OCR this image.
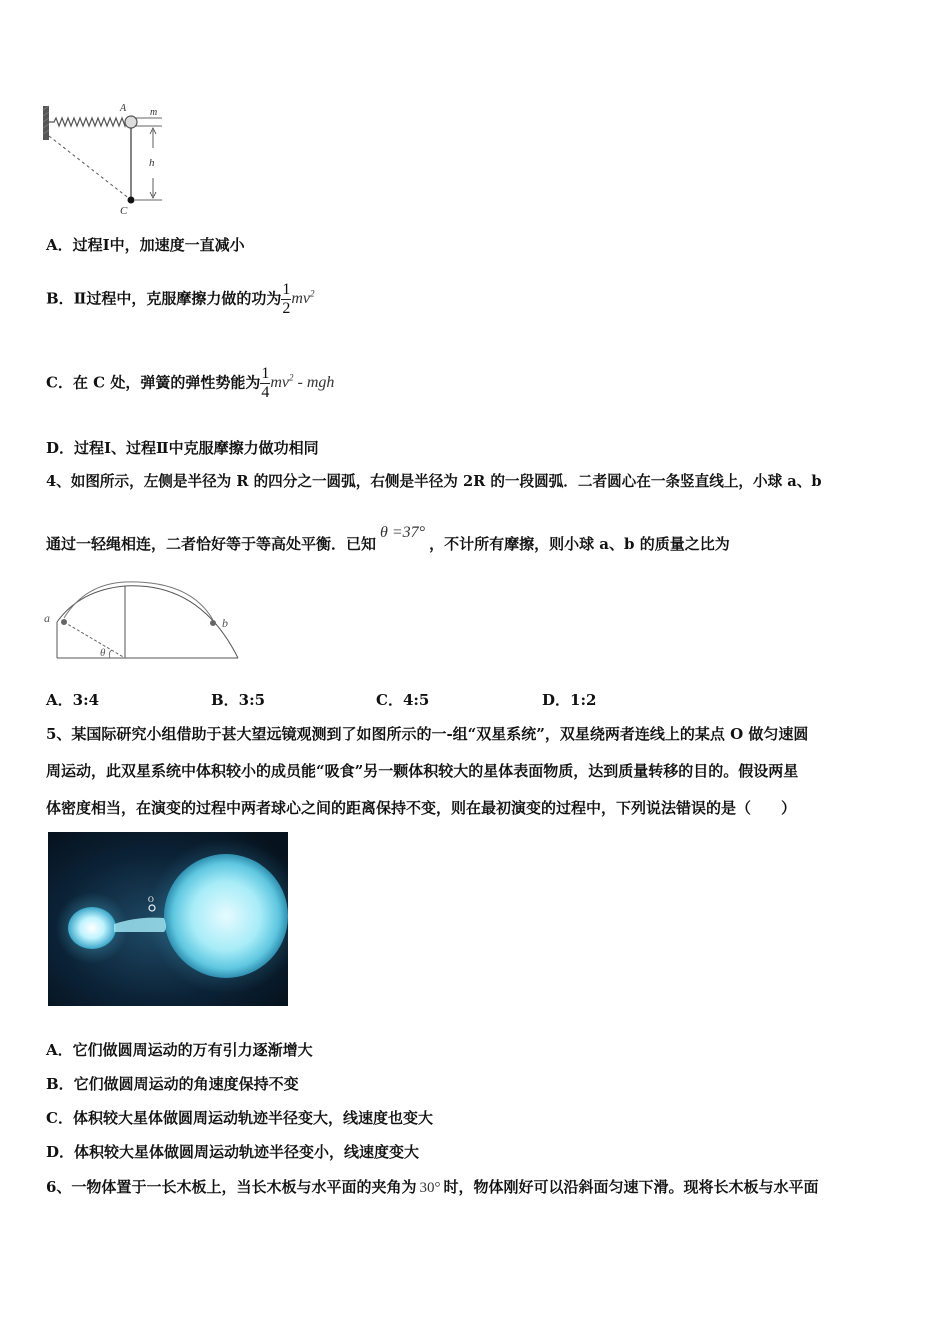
A m
h
C
A．过程Ⅰ中，加速度一直减小
B．Ⅱ过程中，克服摩擦力做的功为 $\frac{1}{2} mv^2$
C．在 C 处，弹簧的弹性势能为 $\frac{1}{4} mv^2$ - mgh
D．过程Ⅰ、过程Ⅱ中克服摩擦力做功相同
4、如图所示，左侧是半径为 R 的四分之一圆弧，右侧是半径为 2R 的一段圆弧．二者圆心在一条竖直线上，小球 a、b
通过一轻绳相连，二者恰好等于等高处平衡．已知θ =37°，不计所有摩擦，则小球 a、b 的质量之比为
a	b
θ
A．3:4	B．3:5	C．4:5	D．1:2
5、某国际研究小组借助于甚大望远镜观测到了如图所示的一-组“双星系统”，双星绕两者连线上的某点 O 做匀速圆
周运动，此双星系统中体积较小的成员能“吸食”另一颗体积较大的星体表面物质，达到质量转移的目的。假设两星
体密度相当，在演变的过程中两者球心之间的距离保持不变，则在最初演变的过程中，下列说法错误的是（　　）
O
A．它们做圆周运动的万有引力逐渐增大
B．它们做圆周运动的角速度保持不变
C．体积较大星体做圆周运动轨迹半径变大，线速度也变大
D．体积较大星体做圆周运动轨迹半径变小，线速度变大
6、一物体置于一长木板上，当长木板与水平面的夹角为 30° 时，物体刚好可以沿斜面匀速下滑。现将长木板与水平面
